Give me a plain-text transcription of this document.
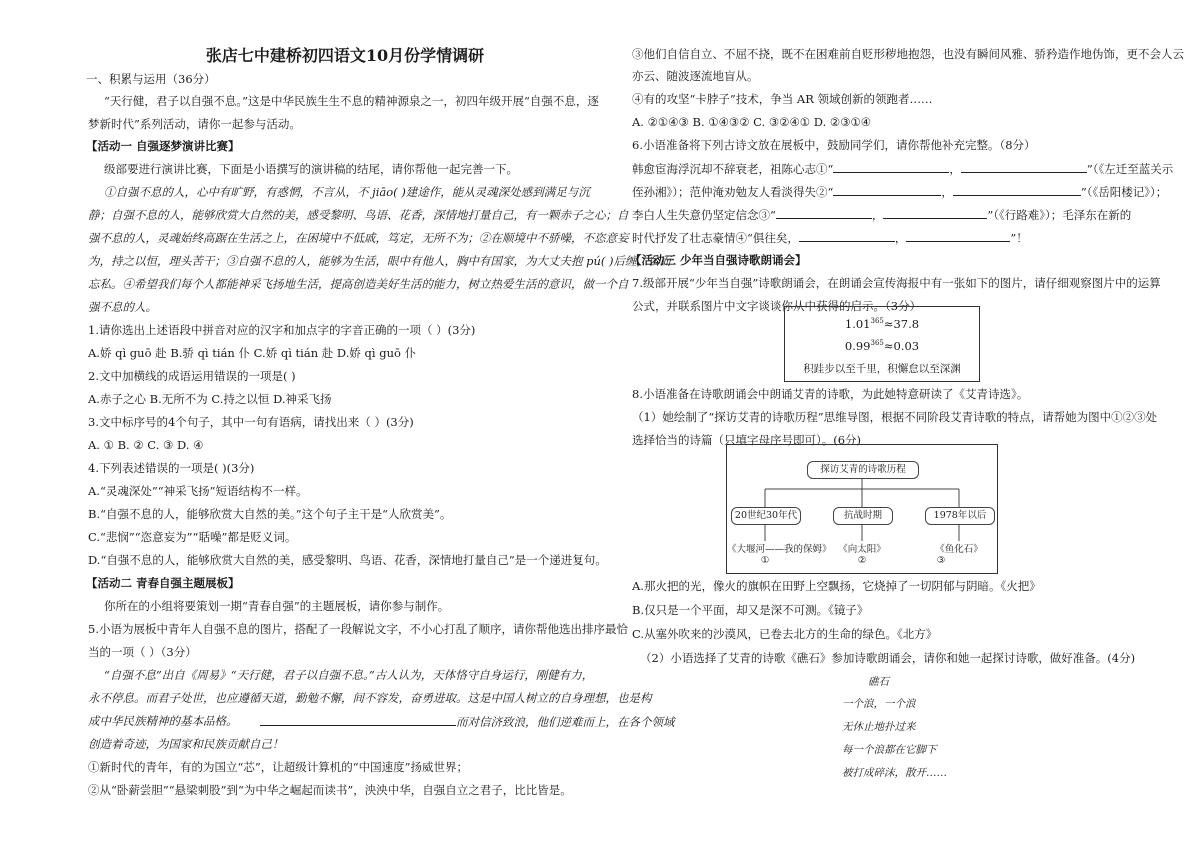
张店七中建桥初四语文10月份学情调研
一、积累与运用（36分）
“天行健，君子以自强不息。”这是中华民族生生不息的精神源泉之一，初四年级开展“自强不息，逐
梦新时代”系列活动，请你一起参与活动。
【活动一 自强逐梦演讲比赛】
级部要进行演讲比赛，下面是小语撰写的演讲稿的结尾，请你帮他一起完善一下。
①自强不息的人，心中有旷野，有惑惘，不言从，不 jiāo( )建途作，能从灵魂深处感到满足与沉
静；自强不息的人，能够欣赏大自然的美，感受黎明、鸟语、花香，深情地打量自己，有一颗赤子之心；自
强不息的人，灵魂始终高踞在生活之上，在困境中不低戚，笃定，无所不为；②在顺境中不骄噪，不恣意妄
为，持之以恒，理头苦干；③自强不息的人，能够为生活，眼中有他人，胸中有国家，为大丈夫抱 pú( )后缠，公而
忘私。④希望我们每个人都能神采飞扬地生活，提高创造美好生活的能力，树立热爱生活的意识，做一个自
强不息的人。
1.请你选出上述语段中拼音对应的汉字和加点字的字音正确的一项（ ）(3分)
A.娇 qì guō 赴 B.骄 qì tián 仆 C.娇 qì tián 赴 D.娇 qì guō 仆
2.文中加横线的成语运用错误的一项是( )
A.赤子之心 B.无所不为 C.持之以恒 D.神采飞扬
3.文中标序号的4个句子，其中一句有语病，请找出来（ ）(3分)
A. ① B. ② C. ③ D. ④
4.下列表述错误的一项是( )(3分)
A.“灵魂深处”“神采飞扬”短语结构不一样。
B.“自强不息的人，能够欣赏大自然的美。”这个句子主干是“人欣赏美”。
C.“悲悯”“恣意妄为”“聒噪”都是贬义词。
D.“自强不息的人，能够欣赏大自然的美，感受黎明、鸟语、花香，深情地打量自己”是一个递进复句。
【活动二 青春自强主题展板】
你所在的小组将要策划一期“青春自强”的主题展板，请你参与制作。
5.小语为展板中青年人自强不息的图片，搭配了一段解说文字，不小心打乱了顺序，请你帮他选出排序最恰
当的一项（ ）（3分）
“自强不息”出自《周易》“天行健，君子以自强不息。”古人认为，天体恪守自身运行，刚健有力，
永不停息。而君子处世，也应遵循天道，勤勉不懈，间不容发，奋勇进取。这是中国人树立的自身理想，也是构
成中华民族精神的基本品格。	而对信济致浪，他们逆难而上，在各个领域
创造着奇迹，为国家和民族贡献自己！
①新时代的青年，有的为国立“芯”，让超级计算机的“中国速度”扬威世界；
②从“卧薪尝胆”“悬梁刺股”到“为中华之崛起而读书”，泱泱中华，自强自立之君子，比比皆是。
③他们自信自立、不屈不挠，既不在困难前自贬形秽地抱怨，也没有瞬间风雅、骄矜造作地伪饰，更不会人云
亦云、随波逐流地盲从。
④有的攻坚“卡脖子”技术，争当 AR 领域创新的领跑者……
A. ②①④③ B. ①④③② C. ③②④① D. ②③①④
6.小语准备将下列古诗文放在展板中，鼓励同学们，请你帮他补充完整。（8分）
韩愈宦海浮沉却不辞衰老，祖陈心志①“	，	”（《左迁至蓝关示
侄孙湘》）；范仲淹劝勉友人看淡得失②“	，	”（《岳阳楼记》）；
李白人生失意仍坚定信念③“	，	”（《行路难》）；毛泽东在新的
时代抒发了壮志豪情④“俱往矣，	，	”！
【活动三 少年当自强诗歌朗诵会】
7.级部开展“少年当自强”诗歌朗诵会，在朗诵会宣传海报中有一张如下的图片，请仔细观察图片中的运算
公式，并联系图片中文字谈谈你从中获得的启示。（3分）
$1.01^{365}\approx 37.8$
$0.99^{365}\approx 0.03$
积跬步以至千里，积懈怠以至深渊
8.小语准备在诗歌朗诵会中朗诵艾青的诗歌，为此她特意研读了《艾青诗选》。
（1）她绘制了“探访艾青的诗歌历程”思维导图，根据不同阶段艾青诗歌的特点，请帮她为图中①②③处
选择恰当的诗篇（只填字母序号即可）。(6分)
探访艾青的诗歌历程
20世纪30年代	抗战时期	1978年以后
《大堰河——我的保姆》 《向太阳》	《鱼化石》
①	②	③
A.那火把的光，像火的旗帜在田野上空飘扬，它烧掉了一切阴郁与阴暗。《火把》
B.仅只是一个平面，却又是深不可测。《镜子》
C.从塞外吹来的沙漠风，已卷去北方的生命的绿色。《北方》
（2）小语选择了艾青的诗歌《礁石》参加诗歌朗诵会，请你和她一起探讨诗歌，做好准备。(4分)
礁石
一个浪，一个浪
无休止地扑过来
每一个浪都在它脚下
被打成碎沫，散开……
